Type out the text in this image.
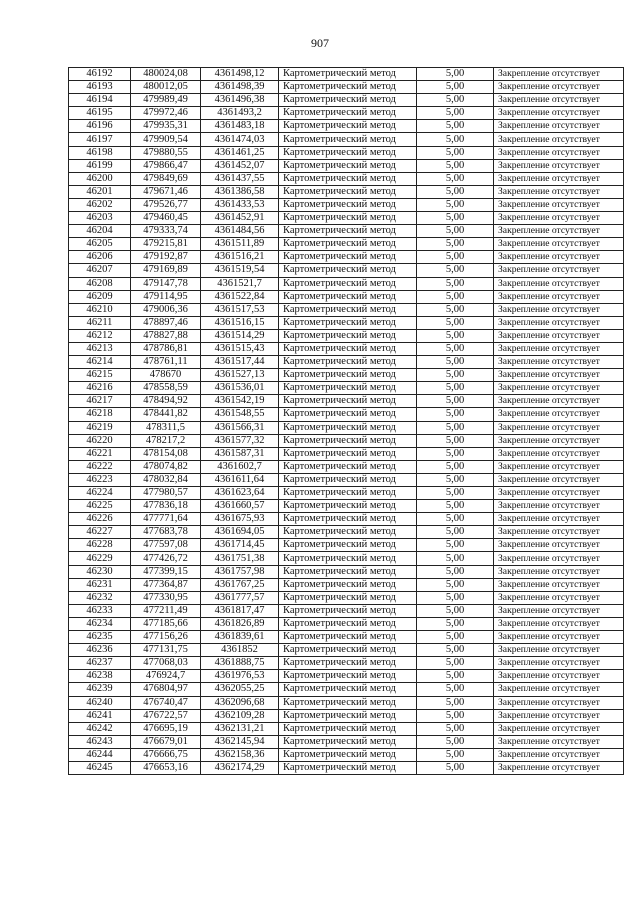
907
46192	480024,08	4361498,12	Картометрический метод	5,00	Закрепление отсутствует
46193	480012,05	4361498,39	Картометрический метод	5,00	Закрепление отсутствует
46194	479989,49	4361496,38	Картометрический метод	5,00	Закрепление отсутствует
46195	479972,46	4361493,2	Картометрический метод	5,00	Закрепление отсутствует
46196	479935,31	4361483,18	Картометрический метод	5,00	Закрепление отсутствует
46197	479909,54	4361474,03	Картометрический метод	5,00	Закрепление отсутствует
46198	479880,55	4361461,25	Картометрический метод	5,00	Закрепление отсутствует
46199	479866,47	4361452,07	Картометрический метод	5,00	Закрепление отсутствует
46200	479849,69	4361437,55	Картометрический метод	5,00	Закрепление отсутствует
46201	479671,46	4361386,58	Картометрический метод	5,00	Закрепление отсутствует
46202	479526,77	4361433,53	Картометрический метод	5,00	Закрепление отсутствует
46203	479460,45	4361452,91	Картометрический метод	5,00	Закрепление отсутствует
46204	479333,74	4361484,56	Картометрический метод	5,00	Закрепление отсутствует
46205	479215,81	4361511,89	Картометрический метод	5,00	Закрепление отсутствует
46206	479192,87	4361516,21	Картометрический метод	5,00	Закрепление отсутствует
46207	479169,89	4361519,54	Картометрический метод	5,00	Закрепление отсутствует
46208	479147,78	4361521,7	Картометрический метод	5,00	Закрепление отсутствует
46209	479114,95	4361522,84	Картометрический метод	5,00	Закрепление отсутствует
46210	479006,36	4361517,53	Картометрический метод	5,00	Закрепление отсутствует
46211	478897,46	4361516,15	Картометрический метод	5,00	Закрепление отсутствует
46212	478827,88	4361514,29	Картометрический метод	5,00	Закрепление отсутствует
46213	478786,81	4361515,43	Картометрический метод	5,00	Закрепление отсутствует
46214	478761,11	4361517,44	Картометрический метод	5,00	Закрепление отсутствует
46215	478670	4361527,13	Картометрический метод	5,00	Закрепление отсутствует
46216	478558,59	4361536,01	Картометрический метод	5,00	Закрепление отсутствует
46217	478494,92	4361542,19	Картометрический метод	5,00	Закрепление отсутствует
46218	478441,82	4361548,55	Картометрический метод	5,00	Закрепление отсутствует
46219	478311,5	4361566,31	Картометрический метод	5,00	Закрепление отсутствует
46220	478217,2	4361577,32	Картометрический метод	5,00	Закрепление отсутствует
46221	478154,08	4361587,31	Картометрический метод	5,00	Закрепление отсутствует
46222	478074,82	4361602,7	Картометрический метод	5,00	Закрепление отсутствует
46223	478032,84	4361611,64	Картометрический метод	5,00	Закрепление отсутствует
46224	477980,57	4361623,64	Картометрический метод	5,00	Закрепление отсутствует
46225	477836,18	4361660,57	Картометрический метод	5,00	Закрепление отсутствует
46226	477771,64	4361675,93	Картометрический метод	5,00	Закрепление отсутствует
46227	477683,78	4361694,05	Картометрический метод	5,00	Закрепление отсутствует
46228	477597,08	4361714,45	Картометрический метод	5,00	Закрепление отсутствует
46229	477426,72	4361751,38	Картометрический метод	5,00	Закрепление отсутствует
46230	477399,15	4361757,98	Картометрический метод	5,00	Закрепление отсутствует
46231	477364,87	4361767,25	Картометрический метод	5,00	Закрепление отсутствует
46232	477330,95	4361777,57	Картометрический метод	5,00	Закрепление отсутствует
46233	477211,49	4361817,47	Картометрический метод	5,00	Закрепление отсутствует
46234	477185,66	4361826,89	Картометрический метод	5,00	Закрепление отсутствует
46235	477156,26	4361839,61	Картометрический метод	5,00	Закрепление отсутствует
46236	477131,75	4361852	Картометрический метод	5,00	Закрепление отсутствует
46237	477068,03	4361888,75	Картометрический метод	5,00	Закрепление отсутствует
46238	476924,7	4361976,53	Картометрический метод	5,00	Закрепление отсутствует
46239	476804,97	4362055,25	Картометрический метод	5,00	Закрепление отсутствует
46240	476740,47	4362096,68	Картометрический метод	5,00	Закрепление отсутствует
46241	476722,57	4362109,28	Картометрический метод	5,00	Закрепление отсутствует
46242	476695,19	4362131,21	Картометрический метод	5,00	Закрепление отсутствует
46243	476679,01	4362145,94	Картометрический метод	5,00	Закрепление отсутствует
46244	476666,75	4362158,36	Картометрический метод	5,00	Закрепление отсутствует
46245	476653,16	4362174,29	Картометрический метод	5,00	Закрепление отсутствует
